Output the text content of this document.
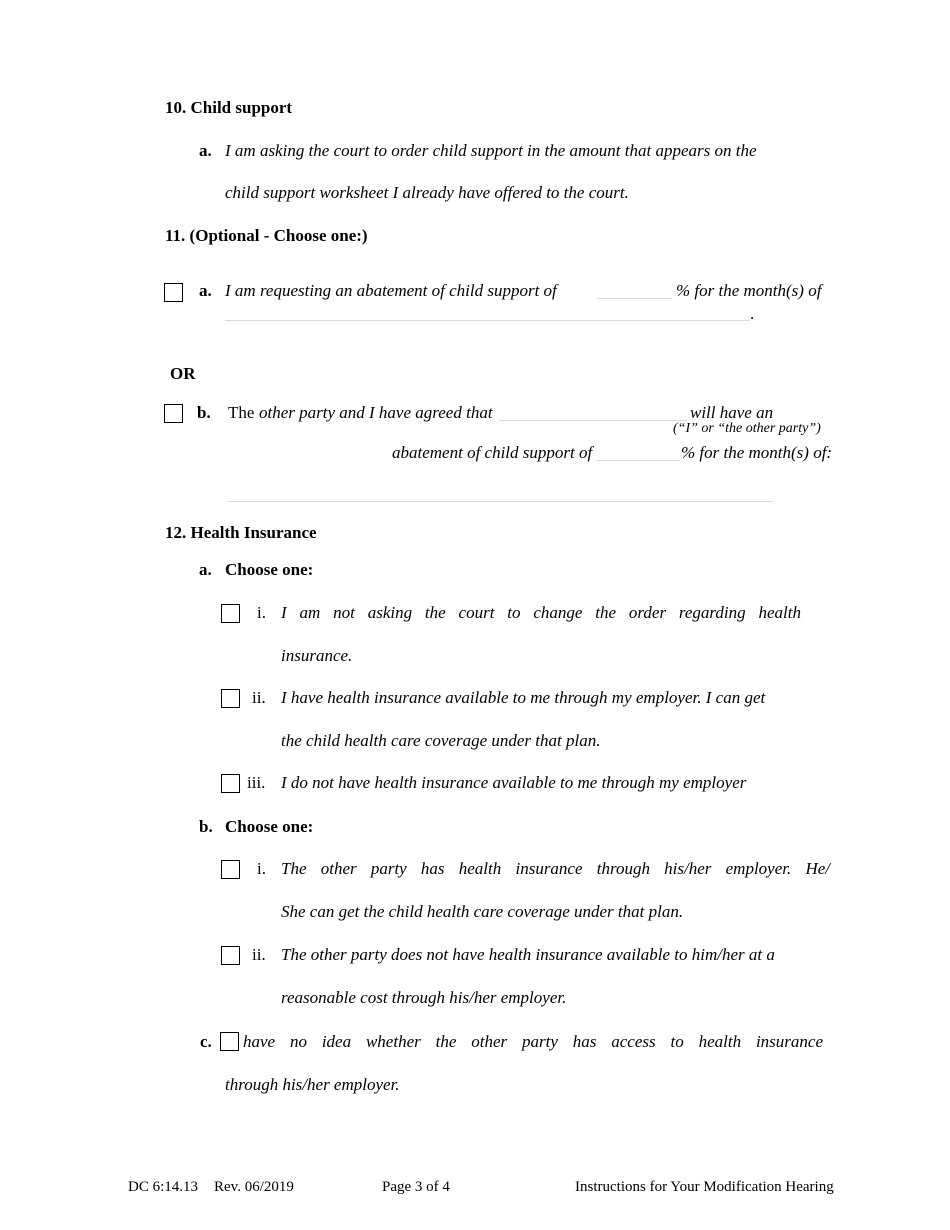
10. Child support
a. I am asking the court to order child support in the amount that appears on the
child support worksheet I already have offered to the court.
11. (Optional - Choose one:)
a. I am requesting an abatement of child support of	% for the month(s) of
.
OR
b. The other party and I have agreed that	will have an
(“I” or “the other party”)
abatement of child support of	% for the month(s) of:
12. Health Insurance
a. Choose one:
i. I am not asking the court to change the order regarding health
insurance.
ii. I have health insurance available to me through my employer. I can get
the child health care coverage under that plan.
iii. I do not have health insurance available to me through my employer
b. Choose one:
i. The other party has health insurance through his/her employer. He/
She can get the child health care coverage under that plan.
ii. The other party does not have health insurance available to him/her at a
reasonable cost through his/her employer.
c. have no idea whether the other party has access to health insurance
through his/her employer.
DC 6:14.13 Rev. 06/2019	Page 3 of 4	Instructions for Your Modification Hearing
